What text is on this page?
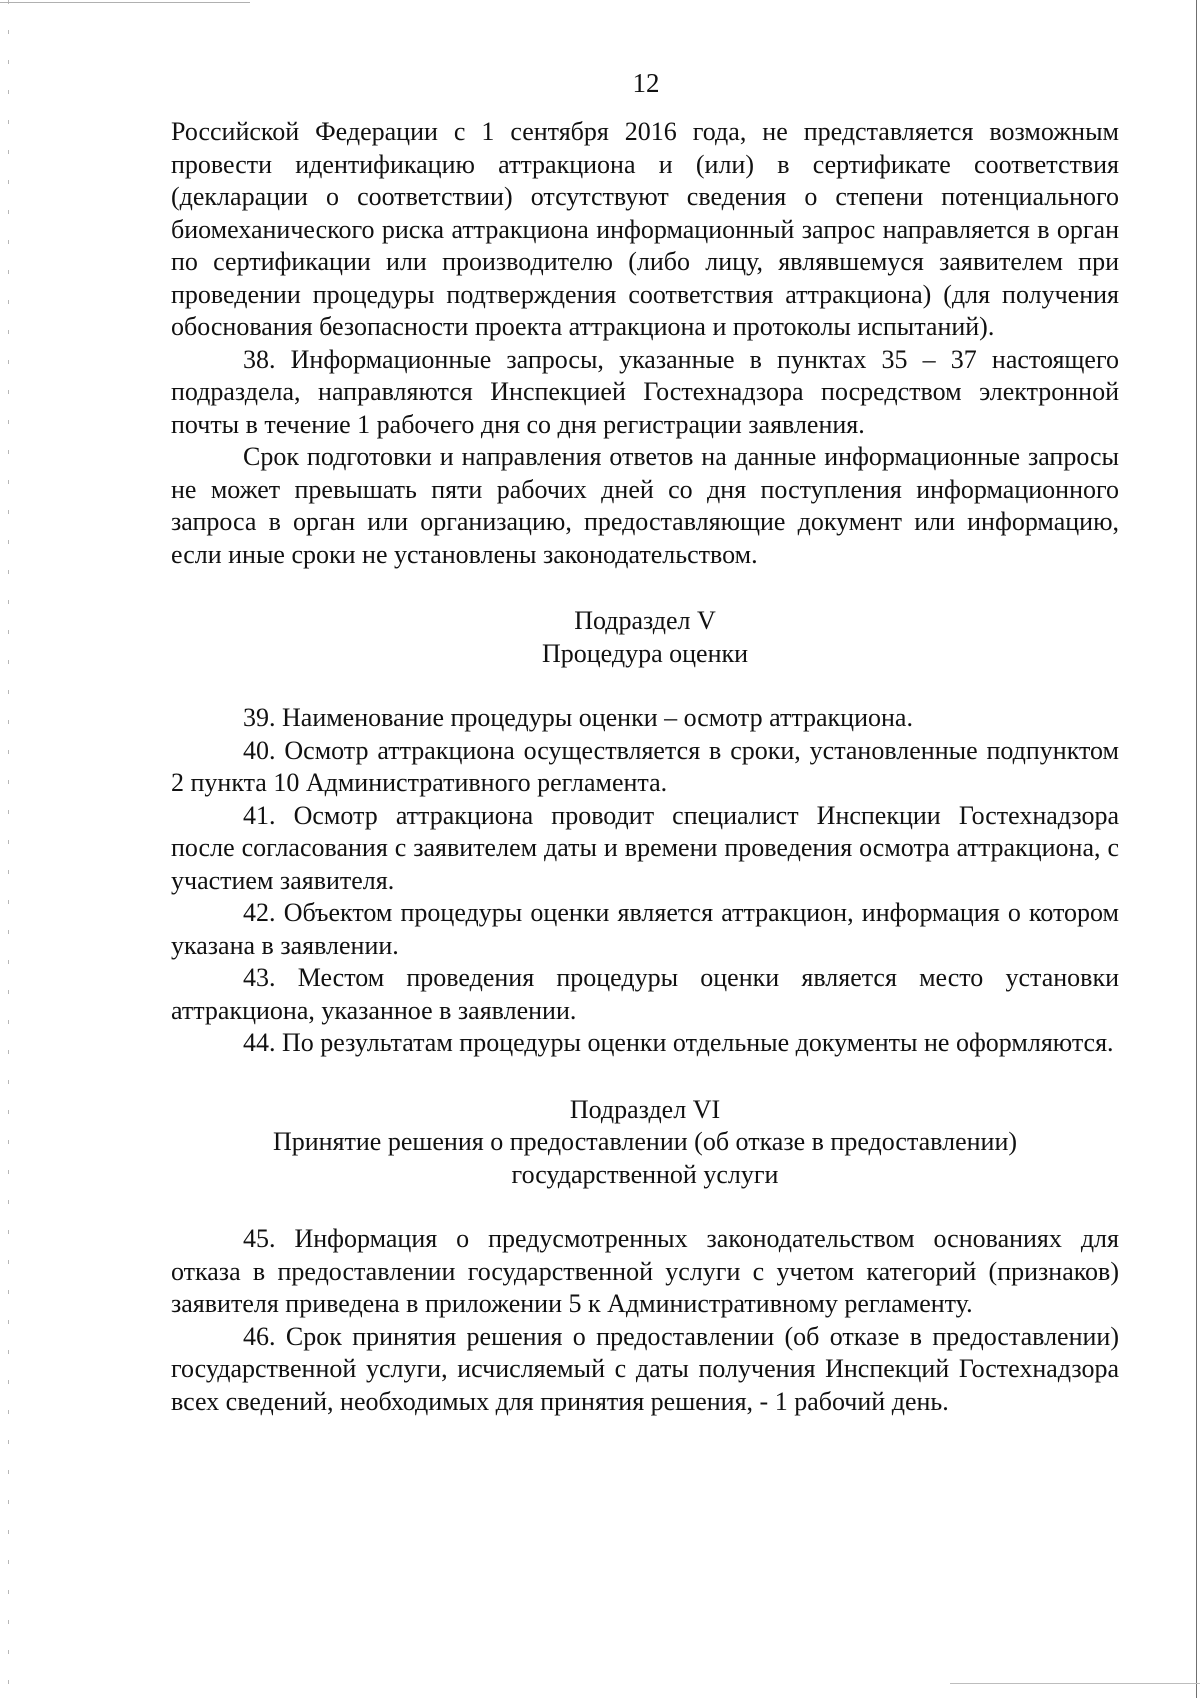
12

Российской Федерации с 1 сентября 2016 года, не представляется возможным провести идентификацию аттракциона и (или) в сертификате соответствия (декларации о соответствии) отсутствуют сведения о степени потенциального биомеханического риска аттракциона информационный запрос направляется в орган по сертификации или производителю (либо лицу, являвшемуся заявителем при проведении процедуры подтверждения соответствия аттракциона) (для получения обоснования безопасности проекта аттракциона и протоколы испытаний).

38. Информационные запросы, указанные в пунктах 35 – 37 настоящего подраздела, направляются Инспекцией Гостехнадзора посредством электронной почты в течение 1 рабочего дня со дня регистрации заявления.

Срок подготовки и направления ответов на данные информационные запросы не может превышать пяти рабочих дней со дня поступления информационного запроса в орган или организацию, предоставляющие документ или информацию, если иные сроки не установлены законодательством.

Подраздел V

Процедура оценки

39. Наименование процедуры оценки – осмотр аттракциона.

40. Осмотр аттракциона осуществляется в сроки, установленные подпунктом 2 пункта 10 Административного регламента.

41. Осмотр аттракциона проводит специалист Инспекции Гостехнадзора после согласования с заявителем даты и времени проведения осмотра аттракциона, с участием заявителя.

42. Объектом процедуры оценки является аттракцион, информация о котором указана в заявлении.

43. Местом проведения процедуры оценки является место установки аттракциона, указанное в заявлении.

44. По результатам процедуры оценки отдельные документы не оформляются.

Подраздел VI

Принятие решения о предоставлении (об отказе в предоставлении)

государственной услуги

45. Информация о предусмотренных законодательством основаниях для отказа в предоставлении государственной услуги с учетом категорий (признаков) заявителя приведена в приложении 5 к Административному регламенту.

46. Срок принятия решения о предоставлении (об отказе в предоставлении) государственной услуги, исчисляемый с даты получения Инспекций Гостехнадзора всех сведений, необходимых для принятия решения, - 1 рабочий день.
